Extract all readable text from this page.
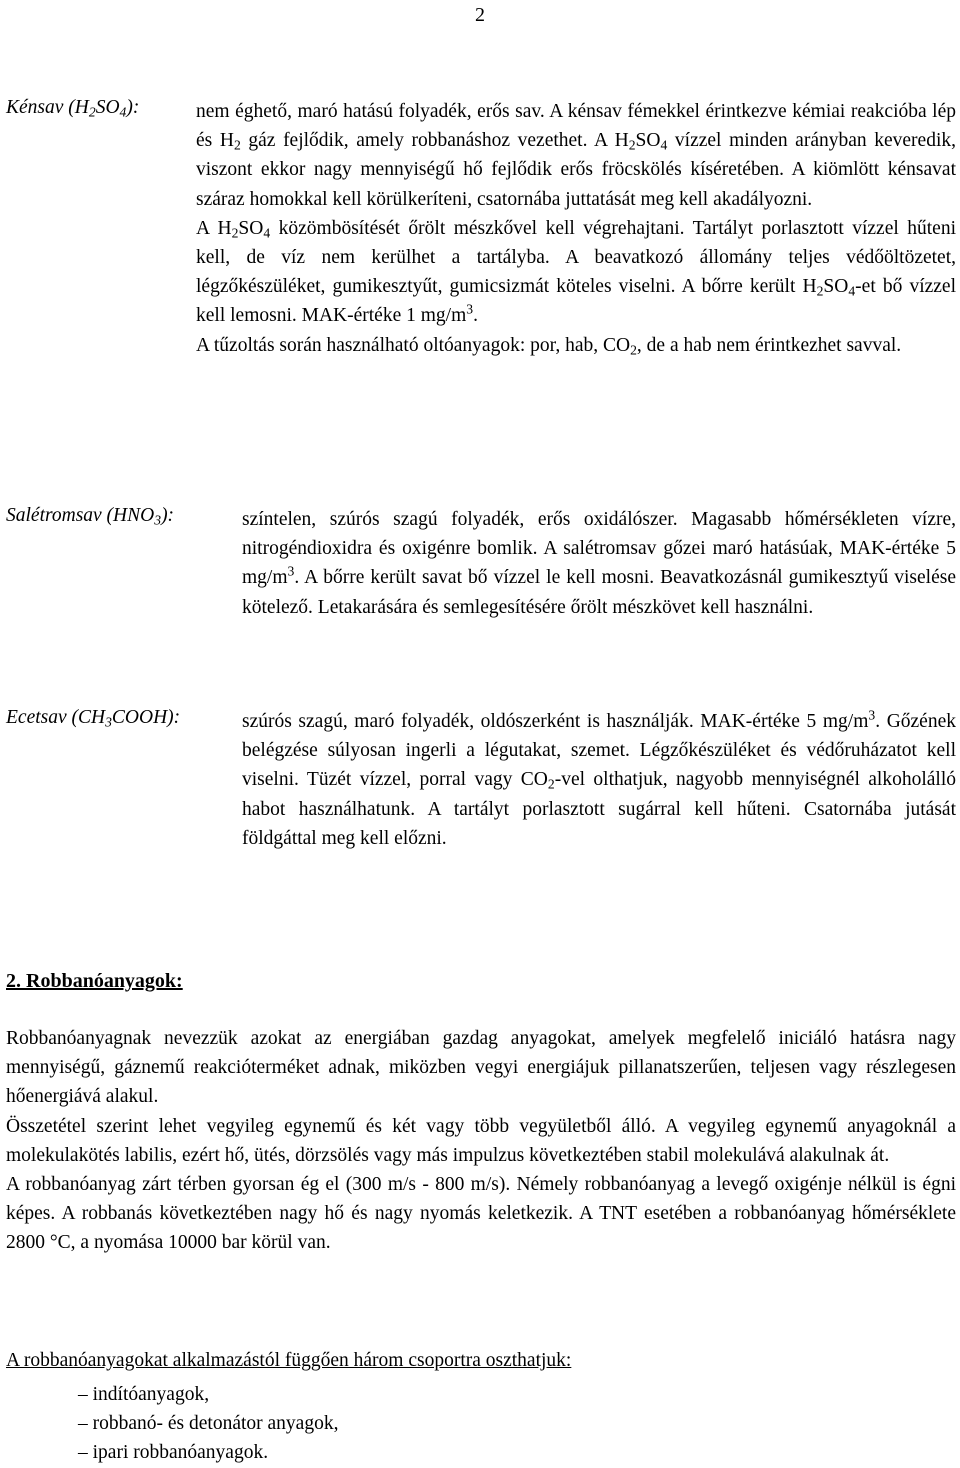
2
Kénsav $(H_2SO_4)$:	nem éghető, maró hatású folyadék, erős sav. A kénsav fémekkel érintkezve kémiai reakcióba lép és $H_2$ gáz fejlődik, amely robbanáshoz vezethet. A $H_2SO_4$ vízzel minden arányban keveredik, viszont ekkor nagy mennyiségű hő fejlődik erős fröcskölés kíséretében. A kiömlött kénsavat száraz homokkal kell körülkeríteni, csatornába juttatását meg kell akadályozni.

A $H_2SO_4$ közömbösítését őrölt mészkővel kell végrehajtani. Tartályt porlasztott vízzel hűteni kell, de víz nem kerülhet a tartályba. A beavatkozó állomány teljes védőöltözetet, légzőkészüléket, gumikesztyűt, gumicsizmát köteles viselni. A bőrre került $H_2SO_4-et$ bő vízzel kell lemosni. MAK-értéke 1 $mg/m^3$.

A tűzoltás során használható oltóanyagok: por, hab, $CO_2$, de a hab nem érintkezhet savval.

Salétromsav $(HNO_3)$:	színtelen, szúrós szagú folyadék, erős oxidálószer. Magasabb hőmérsékleten vízre, nitrogéndioxidra és oxigénre bomlik. A salétromsav gőzei maró hatásúak, MAK-értéke 5 $mg/m^3$. A bőrre került savat bő vízzel le kell mosni. Beavatkozásnál gumikesztyű viselése kötelező. Letakarására és semlegesítésére őrölt mészkövet kell használni.

Ecetsav $(CH_3COOH)$:	szúrós szagú, maró folyadék, oldószerként is használják. MAK-értéke 5 $mg/m^3$. Gőzének belégzése súlyosan ingerli a légutakat, szemet. Légzőkészüléket és védőruházatot kell viselni. Tüzét vízzel, porral vagy $CO_2$-vel olthatjuk, nagyobb mennyiségnél alkoholálló habot használhatunk. A tartályt porlasztott sugárral kell hűteni. Csatornába jutását földgáttal meg kell előzni.

2. Robbanóanyagok:

Robbanóanyagnak nevezzük azokat az energiában gazdag anyagokat, amelyek megfelelő iniciáló hatásra nagy mennyiségű, gáznemű reakcióterméket adnak, miközben vegyi energiájuk pillanatszerűen, teljesen vagy részlegesen hőenergiává alakul.

Összetétel szerint lehet vegyileg egynemű és két vagy több vegyületből álló. A vegyileg egynemű anyagoknál a molekulakötés labilis, ezért hő, ütés, dörzsölés vagy más impulzus következtében stabil molekulává alakulnak át.

A robbanóanyag zárt térben gyorsan ég el (300 m/s - 800 m/s). Némely robbanóanyag a levegő oxigénje nélkül is égni képes. A robbanás következtében nagy hő és nagy nyomás keletkezik. A TNT esetében a robbanóanyag hőmérséklete 2800 °C, a nyomása 10000 bar körül van.

A robbanóanyagokat alkalmazástól függően három csoportra oszthatjuk:
– indítóanyagok,
– robbanó- és detonátor anyagok,
– ipari robbanóanyagok.
